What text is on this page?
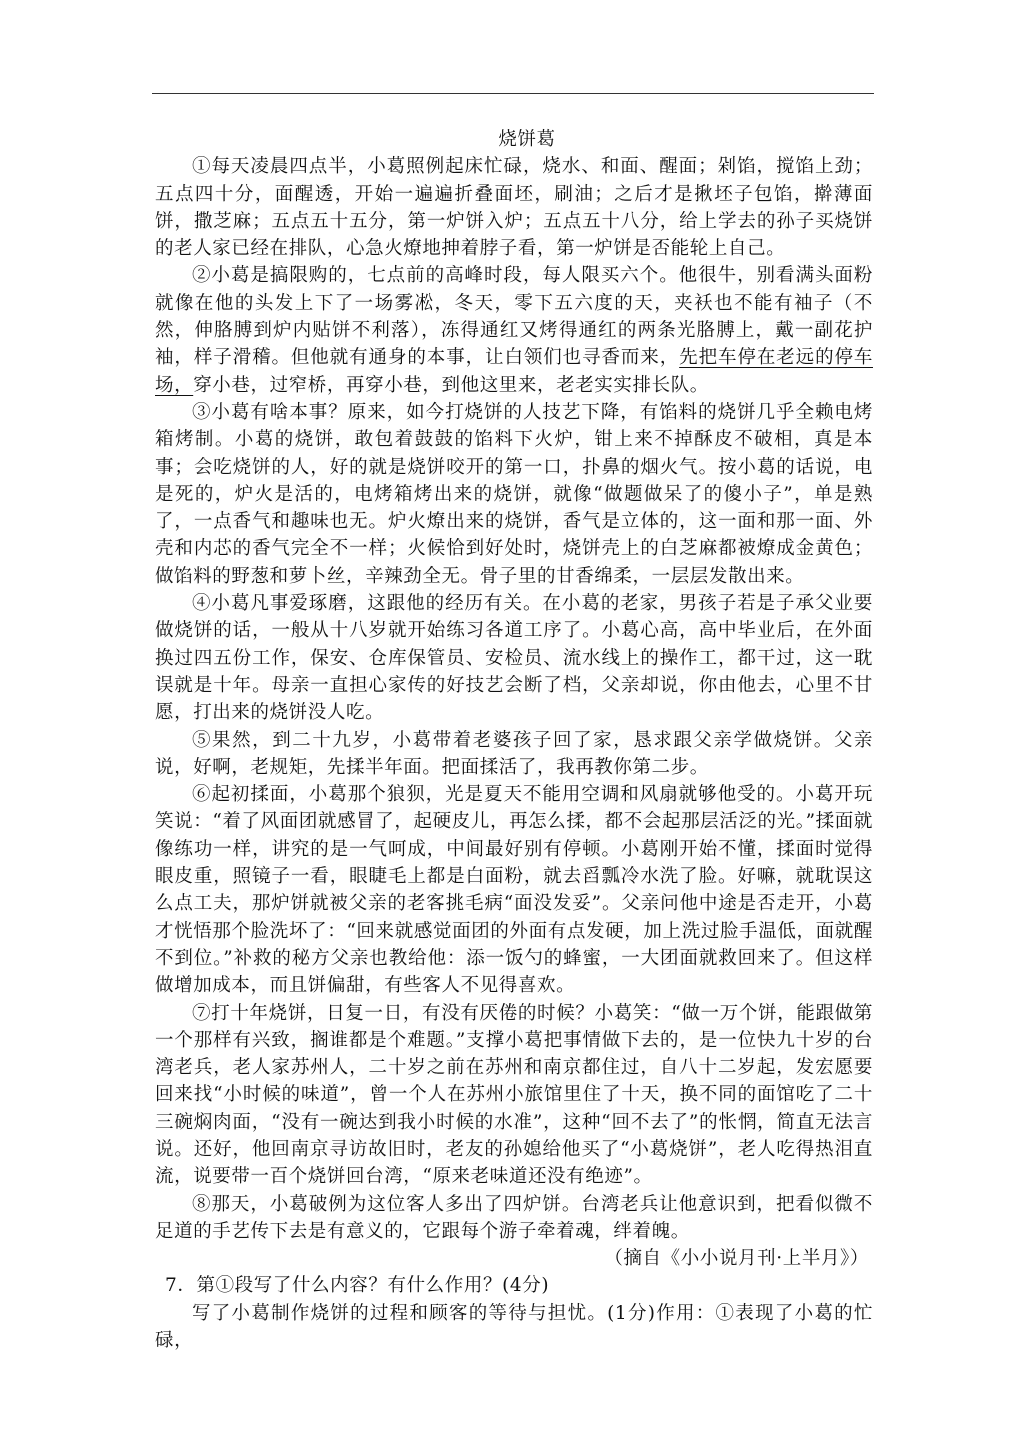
烧饼葛

①每天凌晨四点半，小葛照例起床忙碌，烧水、和面、醒面；剁馅，搅馅上劲；五点四十分，面醒透，开始一遍遍折叠面坯，刷油；之后才是揪坯子包馅，擀薄面饼，撒芝麻；五点五十五分，第一炉饼入炉；五点五十八分，给上学去的孙子买烧饼的老人家已经在排队，心急火燎地抻着脖子看，第一炉饼是否能轮上自己。

②小葛是搞限购的，七点前的高峰时段，每人限买六个。他很牛，别看满头面粉就像在他的头发上下了一场雾凇，冬天，零下五六度的天，夹袄也不能有袖子（不然，伸胳膊到炉内贴饼不利落），冻得通红又烤得通红的两条光胳膊上，戴一副花护袖，样子滑稽。但他就有通身的本事，让白领们也寻香而来，先把车停在老远的停车场，穿小巷，过窄桥，再穿小巷，到他这里来，老老实实排长队。

③小葛有啥本事？原来，如今打烧饼的人技艺下降，有馅料的烧饼几乎全赖电烤箱烤制。小葛的烧饼，敢包着鼓鼓的馅料下火炉，钳上来不掉酥皮不破相，真是本事；会吃烧饼的人，好的就是烧饼咬开的第一口，扑鼻的烟火气。按小葛的话说，电是死的，炉火是活的，电烤箱烤出来的烧饼，就像“做题做呆了的傻小子”，单是熟了，一点香气和趣味也无。炉火燎出来的烧饼，香气是立体的，这一面和那一面、外壳和内芯的香气完全不一样；火候恰到好处时，烧饼壳上的白芝麻都被燎成金黄色；做馅料的野葱和萝卜丝，辛辣劲全无。骨子里的甘香绵柔，一层层发散出来。

④小葛凡事爱琢磨，这跟他的经历有关。在小葛的老家，男孩子若是子承父业要做烧饼的话，一般从十八岁就开始练习各道工序了。小葛心高，高中毕业后，在外面换过四五份工作，保安、仓库保管员、安检员、流水线上的操作工，都干过，这一耽误就是十年。母亲一直担心家传的好技艺会断了档，父亲却说，你由他去，心里不甘愿，打出来的烧饼没人吃。

⑤果然，到二十九岁，小葛带着老婆孩子回了家，恳求跟父亲学做烧饼。父亲说，好啊，老规矩，先揉半年面。把面揉活了，我再教你第二步。

⑥起初揉面，小葛那个狼狈，光是夏天不能用空调和风扇就够他受的。小葛开玩笑说：“着了风面团就感冒了，起硬皮儿，再怎么揉，都不会起那层活泛的光。”揉面就像练功一样，讲究的是一气呵成，中间最好别有停顿。小葛刚开始不懂，揉面时觉得眼皮重，照镜子一看，眼睫毛上都是白面粉，就去舀瓢冷水洗了脸。好嘛，就耽误这么点工夫，那炉饼就被父亲的老客挑毛病“面没发妥”。父亲问他中途是否走开，小葛才恍悟那个脸洗坏了：“回来就感觉面团的外面有点发硬，加上洗过脸手温低，面就醒不到位。”补救的秘方父亲也教给他：添一饭勺的蜂蜜，一大团面就救回来了。但这样做增加成本，而且饼偏甜，有些客人不见得喜欢。

⑦打十年烧饼，日复一日，有没有厌倦的时候？小葛笑：“做一万个饼，能跟做第一个那样有兴致，搁谁都是个难题。”支撑小葛把事情做下去的，是一位快九十岁的台湾老兵，老人家苏州人，二十岁之前在苏州和南京都住过，自八十二岁起，发宏愿要回来找“小时候的味道”，曾一个人在苏州小旅馆里住了十天，换不同的面馆吃了二十三碗焖肉面，“没有一碗达到我小时候的水准”，这种“回不去了”的怅惘，简直无法言说。还好，他回南京寻访故旧时，老友的孙媳给他买了“小葛烧饼”，老人吃得热泪直流，说要带一百个烧饼回台湾，“原来老味道还没有绝迹”。

⑧那天，小葛破例为这位客人多出了四炉饼。台湾老兵让他意识到，把看似微不足道的手艺传下去是有意义的，它跟每个游子牵着魂，绊着魄。

（摘自《小小说月刊·上半月》）

7．第①段写了什么内容？有什么作用？(4分)

写了小葛制作烧饼的过程和顾客的等待与担忧。(1分)作用：①表现了小葛的忙碌，
